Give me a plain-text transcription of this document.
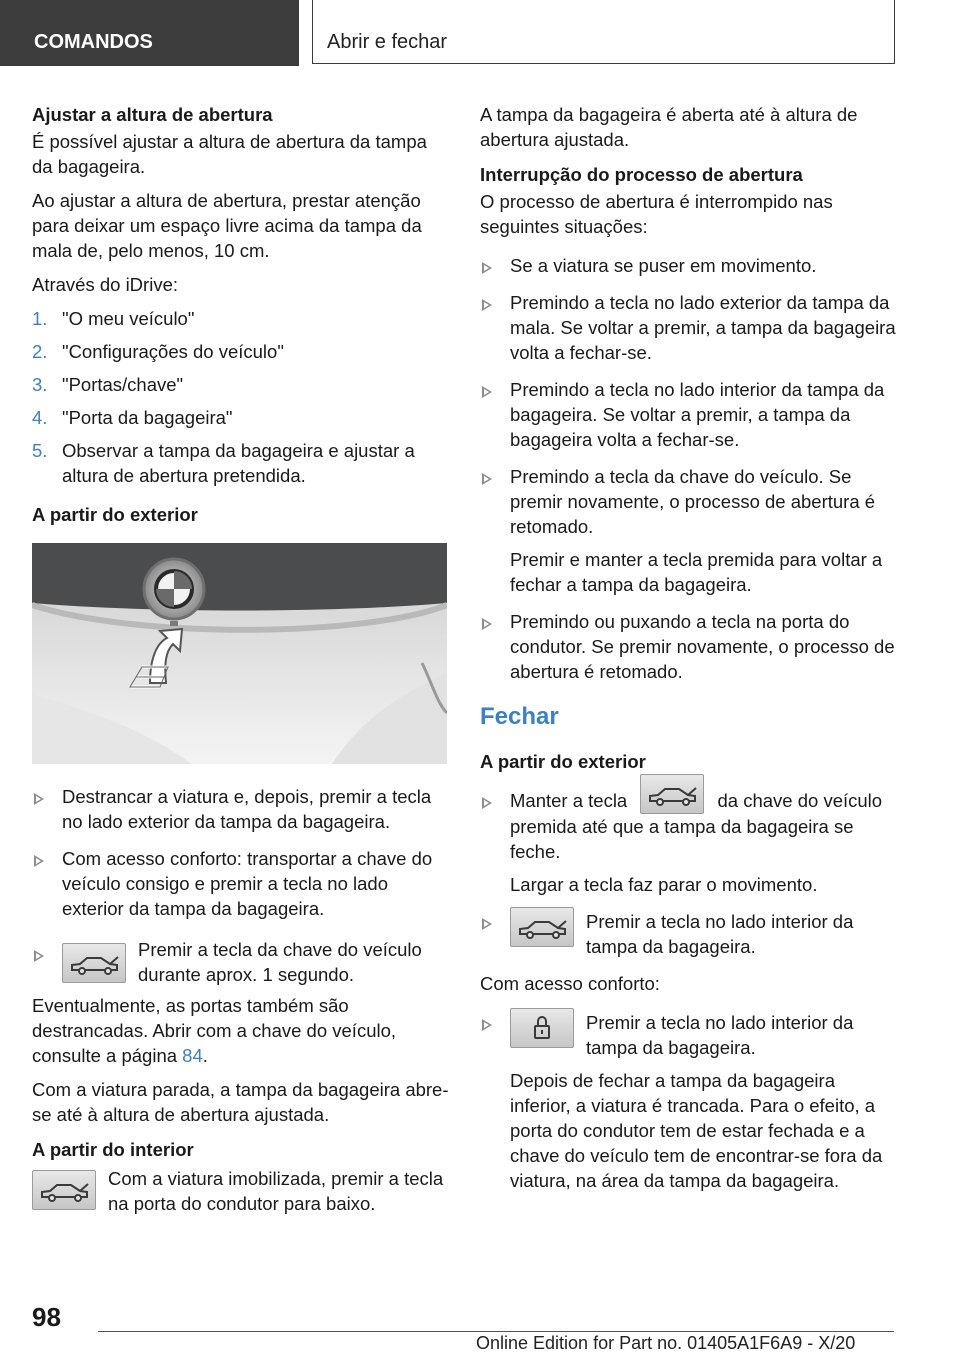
COMANDOS	Abrir e fechar

Ajustar a altura de abertura

É possível ajustar a altura de abertura da tampa da bagageira.

Ao ajustar a altura de abertura, prestar atenção para deixar um espaço livre acima da tampa da mala de, pelo menos, 10 cm.

Através do iDrive:

1. "O meu veículo"
2. "Configurações do veículo"
3. "Portas/chave"
4. "Porta da bagageira"
5. Observar a tampa da bagageira e ajustar a altura de abertura pretendida.

A partir do exterior

Destrancar a viatura e, depois, premir a tecla no lado exterior da tampa da bagageira.
Com acesso conforto: transportar a chave do veículo consigo e premir a tecla no lado exterior da tampa da bagageira.
Premir a tecla da chave do veículo durante aprox. 1 segundo.

Eventualmente, as portas também são destrancadas. Abrir com a chave do veículo, consulte a página 84.

Com a viatura parada, a tampa da bagageira abre-se até à altura de abertura ajustada.

A partir do interior

Com a viatura imobilizada, premir a tecla na porta do condutor para baixo.

A tampa da bagageira é aberta até à altura de abertura ajustada.

Interrupção do processo de abertura

O processo de abertura é interrompido nas seguintes situações:

Se a viatura se puser em movimento.
Premindo a tecla no lado exterior da tampa da mala. Se voltar a premir, a tampa da bagageira volta a fechar-se.
Premindo a tecla no lado interior da tampa da bagageira. Se voltar a premir, a tampa da bagageira volta a fechar-se.
Premindo a tecla da chave do veículo. Se premir novamente, o processo de abertura é retomado.
Premir e manter a tecla premida para voltar a fechar a tampa da bagageira.
Premindo ou puxando a tecla na porta do condutor. Se premir novamente, o processo de abertura é retomado.
Fechar

A partir do exterior

Manter a tecla	da chave do veículo premida até que a tampa da bagageira se feche.
Largar a tecla faz parar o movimento.
Premir a tecla no lado interior da tampa da bagageira.

Com acesso conforto:

Premir a tecla no lado interior da tampa da bagageira.
Depois de fechar a tampa da bagageira inferior, a viatura é trancada. Para o efeito, a porta do condutor tem de estar fechada e a chave do veículo tem de encontrar-se fora da viatura, na área da tampa da bagageira.
98
Online Edition for Part no. 01405A1F6A9 - X/20
